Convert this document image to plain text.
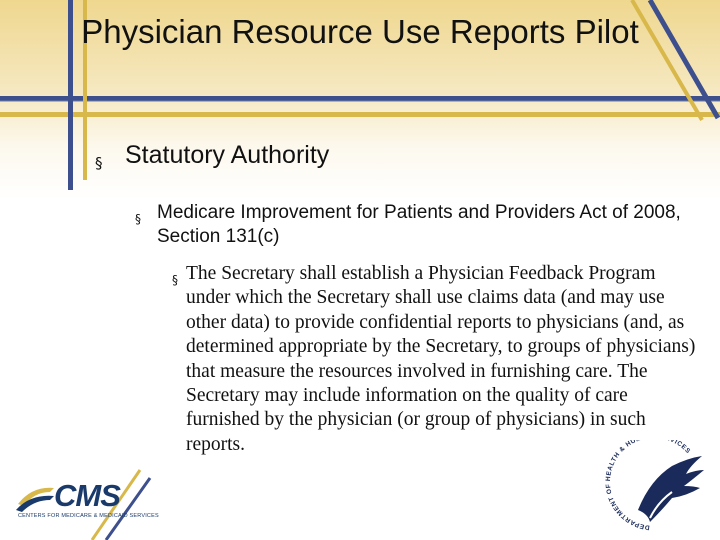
Physician Resource Use Reports Pilot
§ Statutory Authority
§ Medicare Improvement for Patients and Providers Act of 2008, Section 131(c)
§ The Secretary shall establish a Physician Feedback Program under which the Secretary shall use claims data (and may use other data) to provide confidential reports to physicians (and, as determined appropriate by the Secretary, to groups of physicians) that measure the resources involved in furnishing care. The Secretary may include information on the quality of care furnished by the physician (or group of physicians) in such reports.
CMS
CENTERS FOR MEDICARE & MEDICAID SERVICES
DEPARTMENT OF HEALTH & HU VICES
